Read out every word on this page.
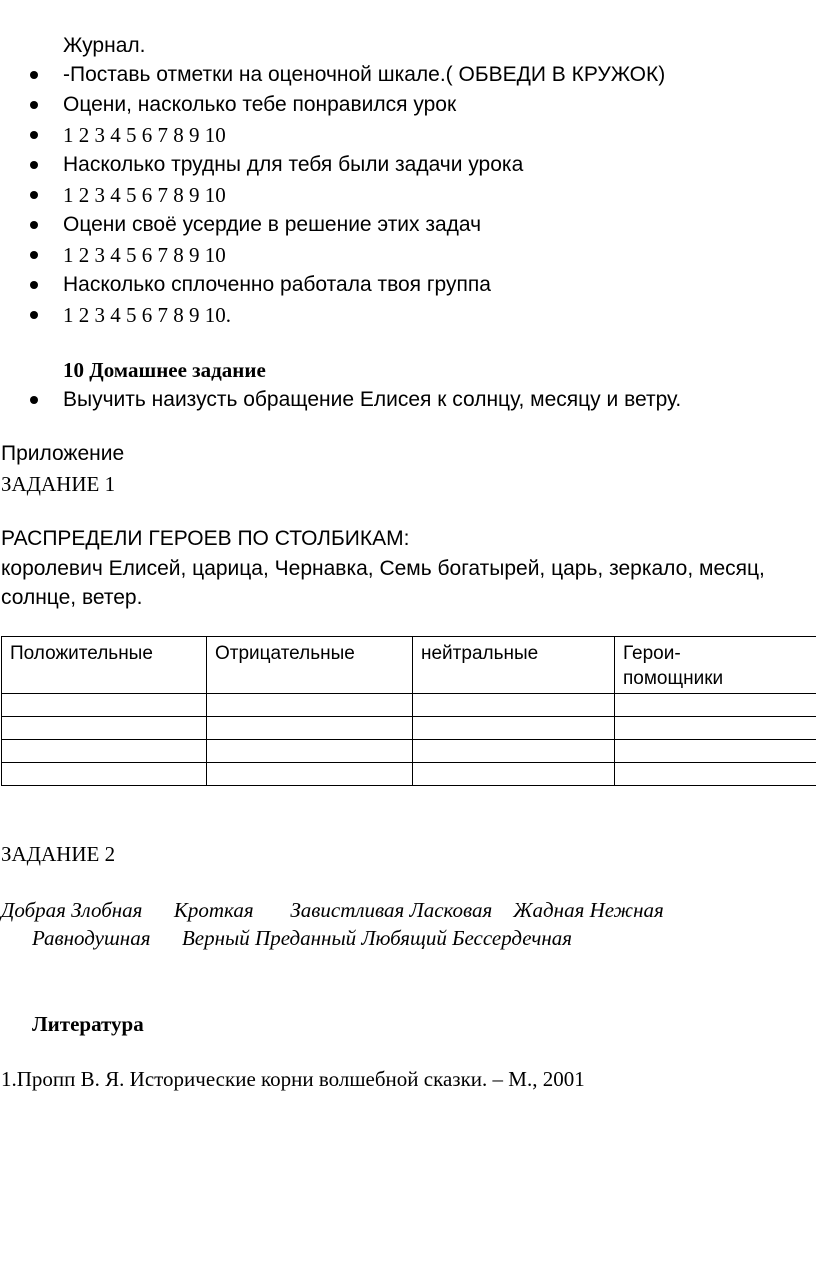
Журнал.
-Поставь отметки на оценочной шкале.( ОБВЕДИ В КРУЖОК)
Оцени, насколько тебе понравился урок
1 2 3 4 5 6 7 8 9 10
Насколько трудны для тебя были задачи урока
1 2 3 4 5 6 7 8 9 10
Оцени своё усердие в решение этих задач
1 2 3 4 5 6 7 8 9 10
Насколько сплоченно работала твоя группа
1 2 3 4 5 6 7 8 9 10.
10 Домашнее задание
Выучить наизусть обращение Елисея к солнцу, месяцу и ветру.
Приложение
ЗАДАНИЕ 1
РАСПРЕДЕЛИ ГЕРОЕВ ПО СТОЛБИКАМ:
королевич Елисей, царица, Чернавка, Семь богатырей, царь, зеркало, месяц,
солнце, ветер.
Положительные	Отрицательные	нейтральные	Герои- помощники

ЗАДАНИЕ 2
Добрая Злобная      Кроткая       Завистливая Ласковая    Жадная Нежная
Равнодушная      Верный Преданный Любящий Бессердечная
Литература
1.Пропп В. Я. Исторические корни волшебной сказки. – М., 2001
